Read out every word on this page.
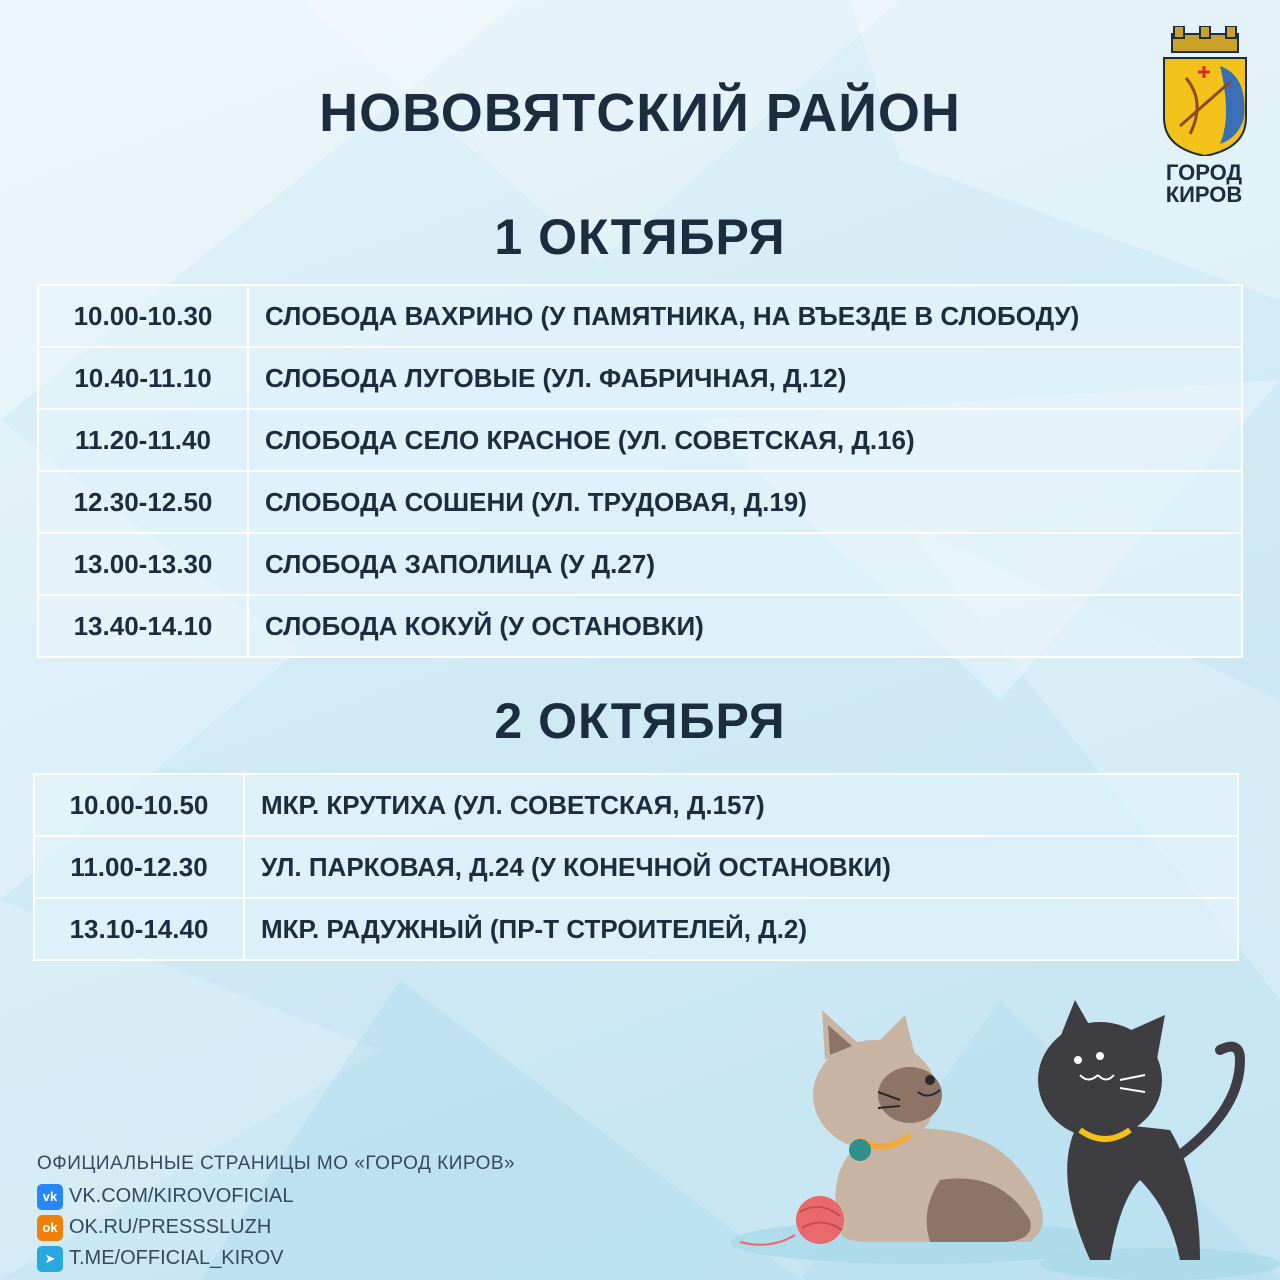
НОВОВЯТСКИЙ РАЙОН
ГОРОД
КИРОВ
1 ОКТЯБРЯ
10.00-10.30	СЛОБОДА ВАХРИНО (У ПАМЯТНИКА, НА ВЪЕЗДЕ В СЛОБОДУ)
10.40-11.10	СЛОБОДА ЛУГОВЫЕ (УЛ. ФАБРИЧНАЯ, Д.12)
11.20-11.40	СЛОБОДА СЕЛО КРАСНОЕ (УЛ. СОВЕТСКАЯ, Д.16)
12.30-12.50	СЛОБОДА СОШЕНИ (УЛ. ТРУДОВАЯ, Д.19)
13.00-13.30	СЛОБОДА ЗАПОЛИЦА (У Д.27)
13.40-14.10	СЛОБОДА КОКУЙ (У ОСТАНОВКИ)
2 ОКТЯБРЯ
10.00-10.50	МКР. КРУТИХА (УЛ. СОВЕТСКАЯ, Д.157)
11.00-12.30	УЛ. ПАРКОВАЯ, Д.24 (У КОНЕЧНОЙ ОСТАНОВКИ)
13.10-14.40	МКР. РАДУЖНЫЙ (ПР-Т СТРОИТЕЛЕЙ, Д.2)
ОФИЦИАЛЬНЫЕ СТРАНИЦЫ МО «ГОРОД КИРОВ»
vk VK.COM/KIROVOFICIAL
ok OK.RU/PRESSSLUZH
➤ T.ME/OFFICIAL_KIROV
